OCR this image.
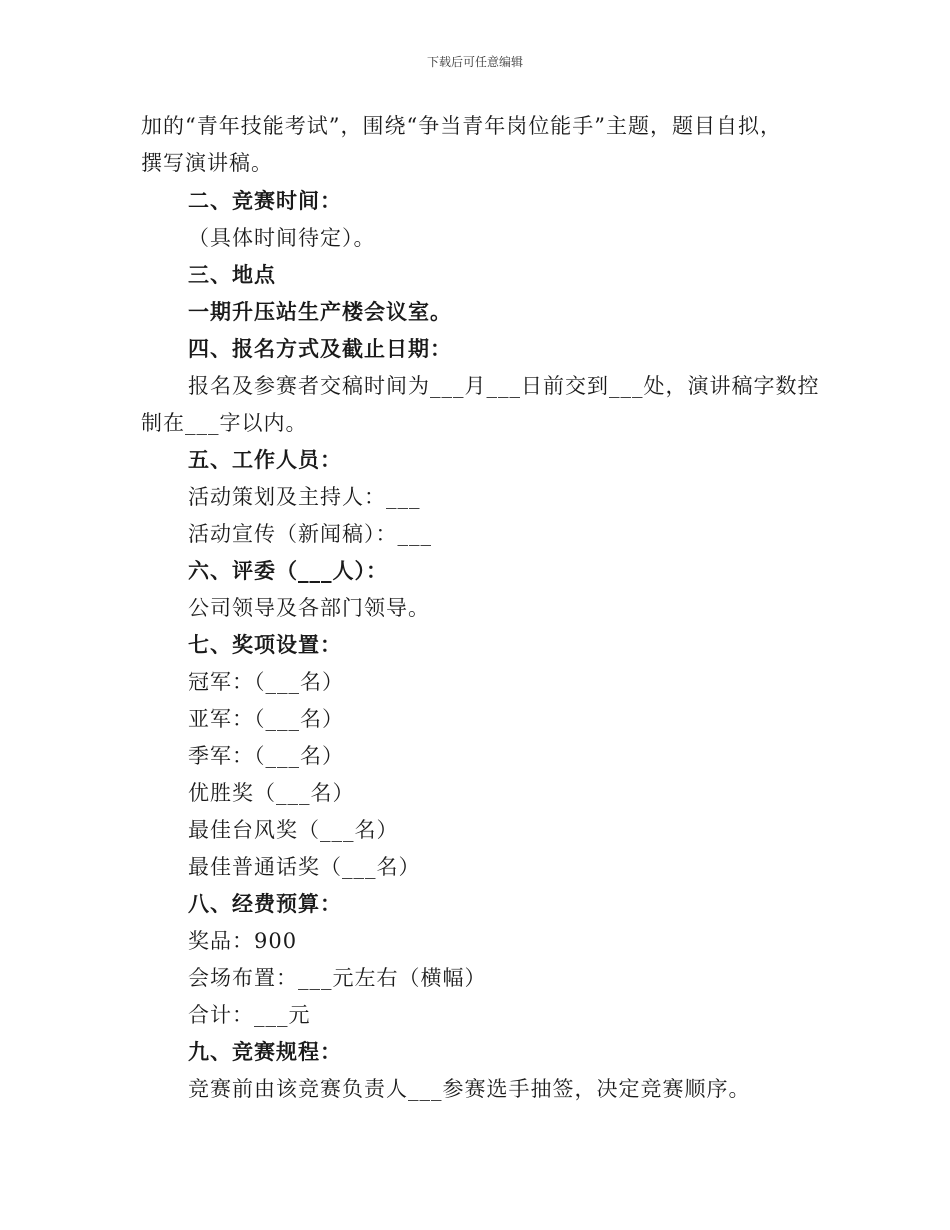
下载后可任意编辑
加的“青年技能考试”，围绕“争当青年岗位能手”主题，题目自拟，
撰写演讲稿。
二、竞赛时间：
（具体时间待定）。
三、地点
一期升压站生产楼会议室。
四、报名方式及截止日期：
报名及参赛者交稿时间为___月___日前交到___处，演讲稿字数控
制在___字以内。
五、工作人员：
活动策划及主持人：___
活动宣传（新闻稿）：___
六、评委（___人）：
公司领导及各部门领导。
七、奖项设置：
冠军：（___名）
亚军：（___名）
季军：（___名）
优胜奖（___名）
最佳台风奖（___名）
最佳普通话奖（___名）
八、经费预算：
奖品：900
会场布置：___元左右（横幅）
合计：___元
九、竞赛规程：
竞赛前由该竞赛负责人___参赛选手抽签，决定竞赛顺序。
